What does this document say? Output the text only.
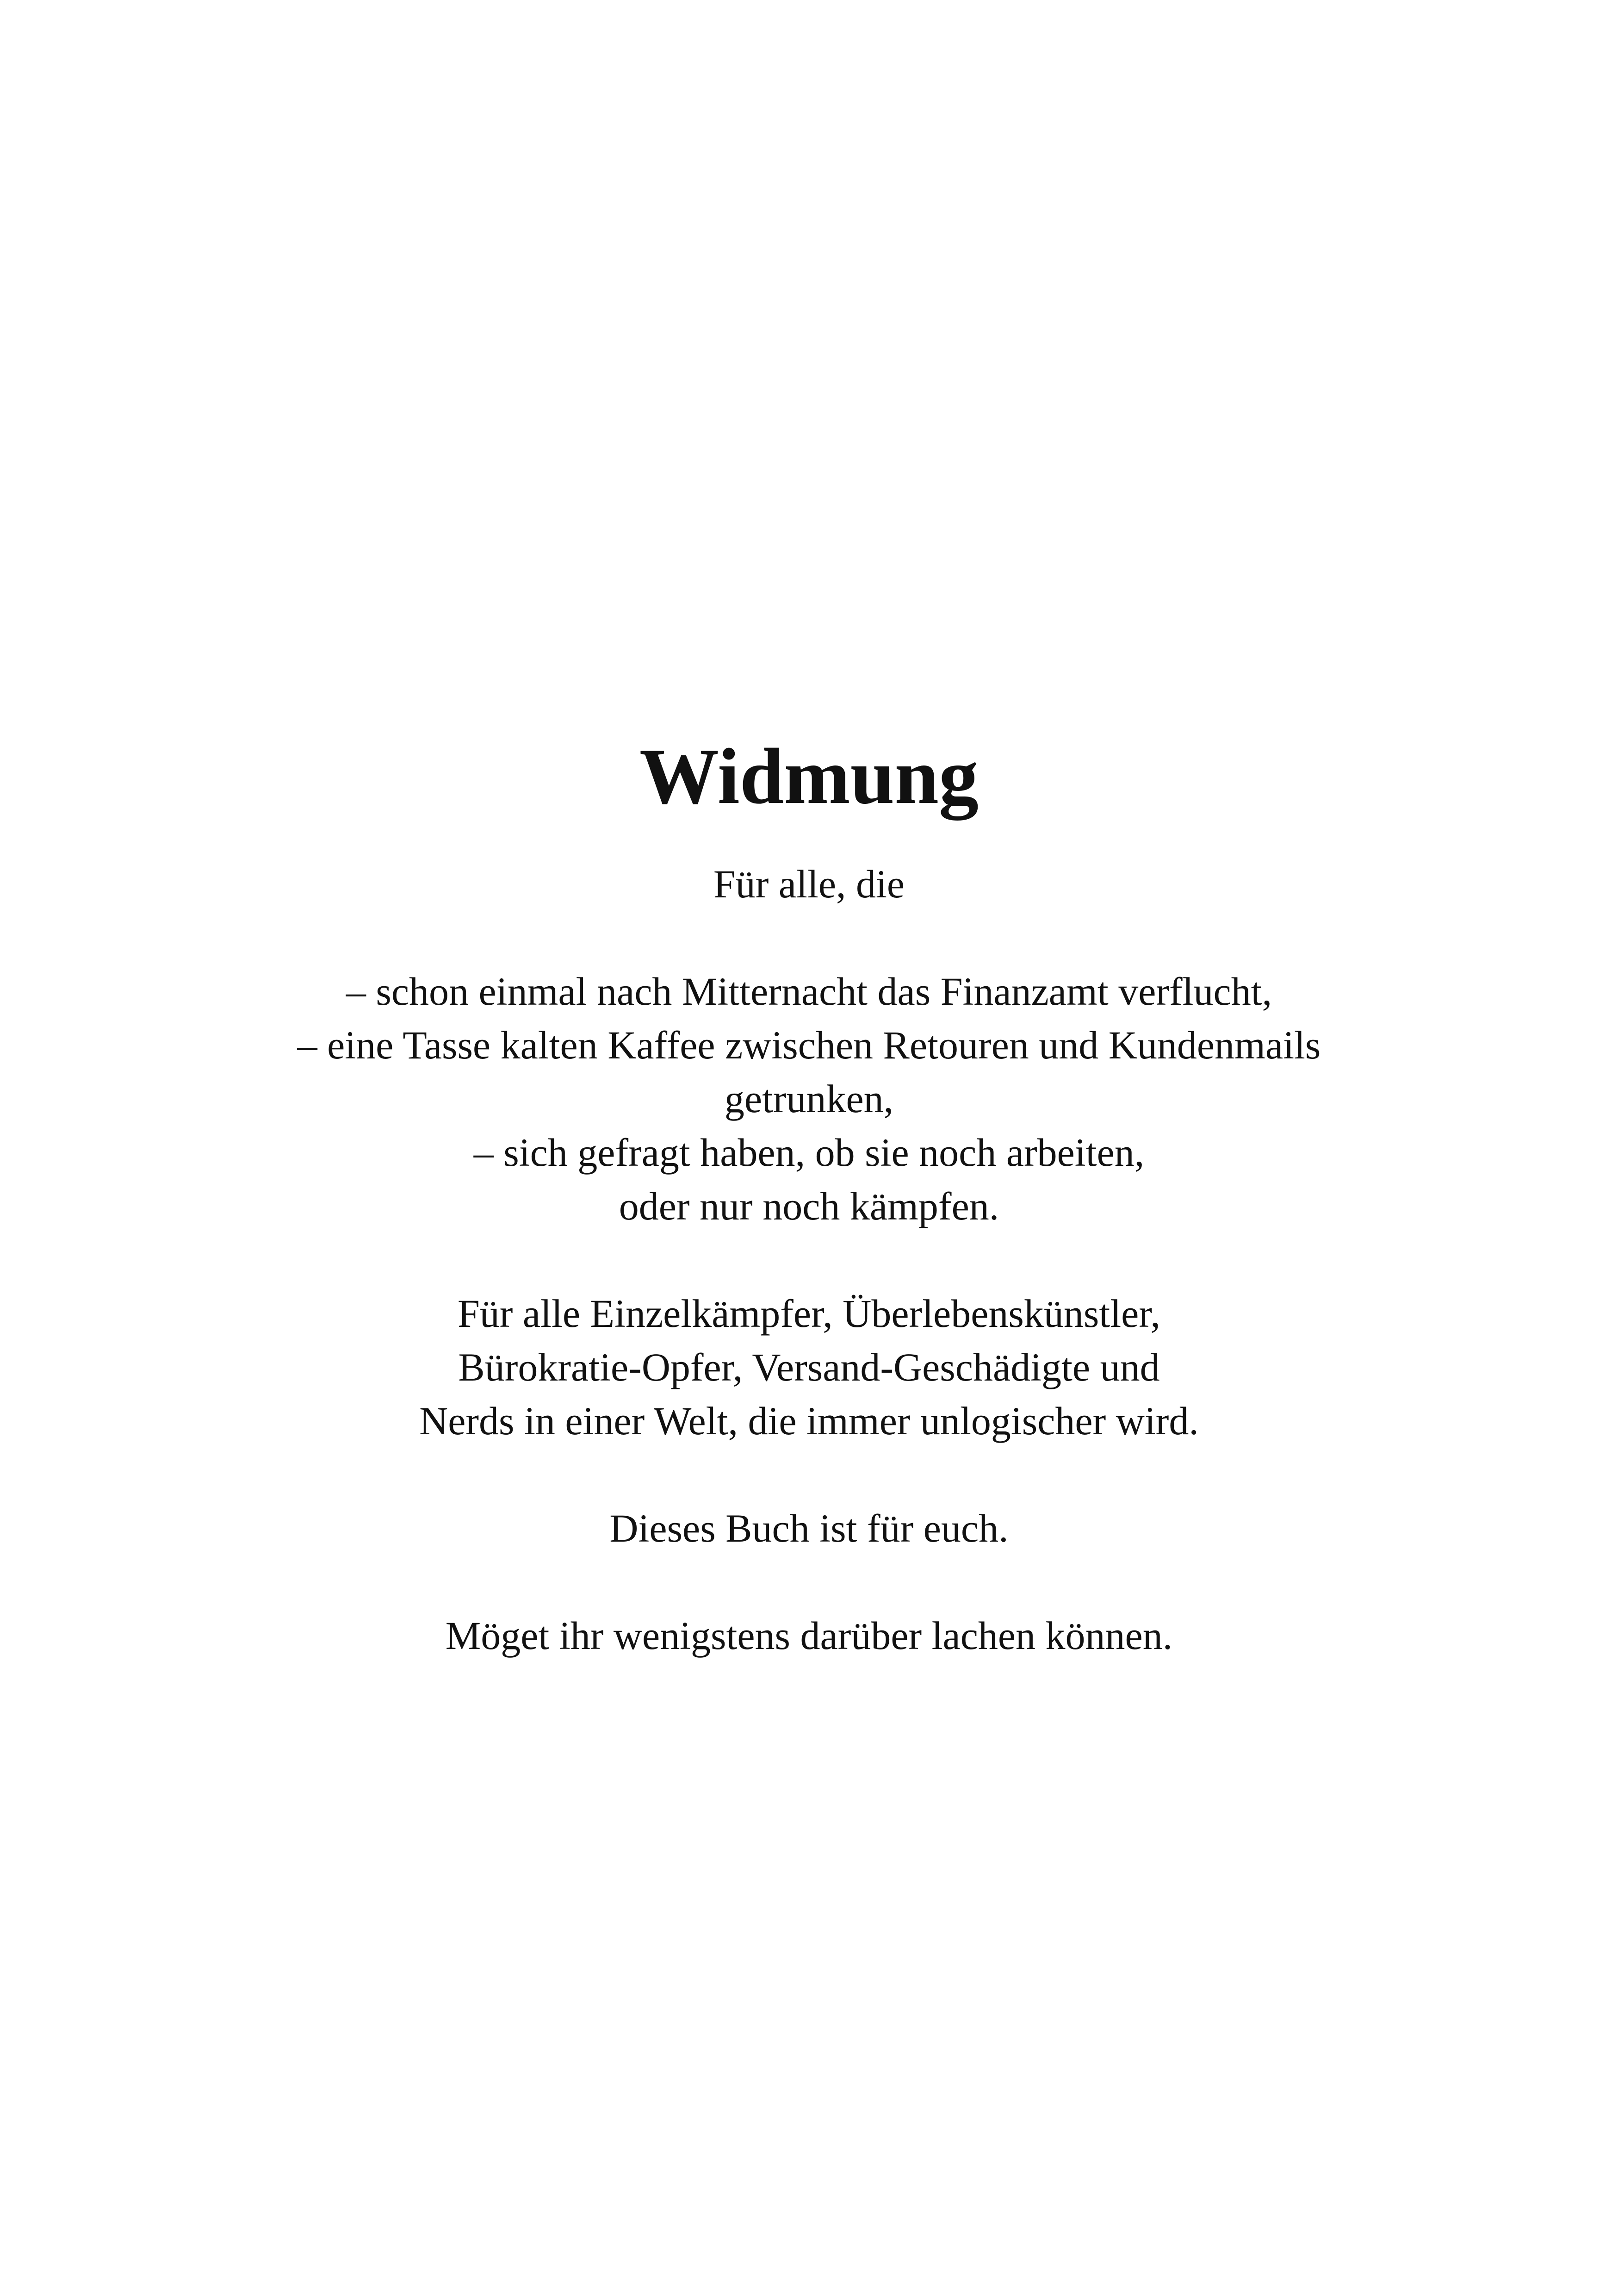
Widmung
Für alle, die
– schon einmal nach Mitternacht das Finanzamt verflucht,
– eine Tasse kalten Kaffee zwischen Retouren und Kundenmails
getrunken,
– sich gefragt haben, ob sie noch arbeiten,
oder nur noch kämpfen.
Für alle Einzelkämpfer, Überlebenskünstler,
Bürokratie-Opfer, Versand-Geschädigte und
Nerds in einer Welt, die immer unlogischer wird.
Dieses Buch ist für euch.
Möget ihr wenigstens darüber lachen können.
